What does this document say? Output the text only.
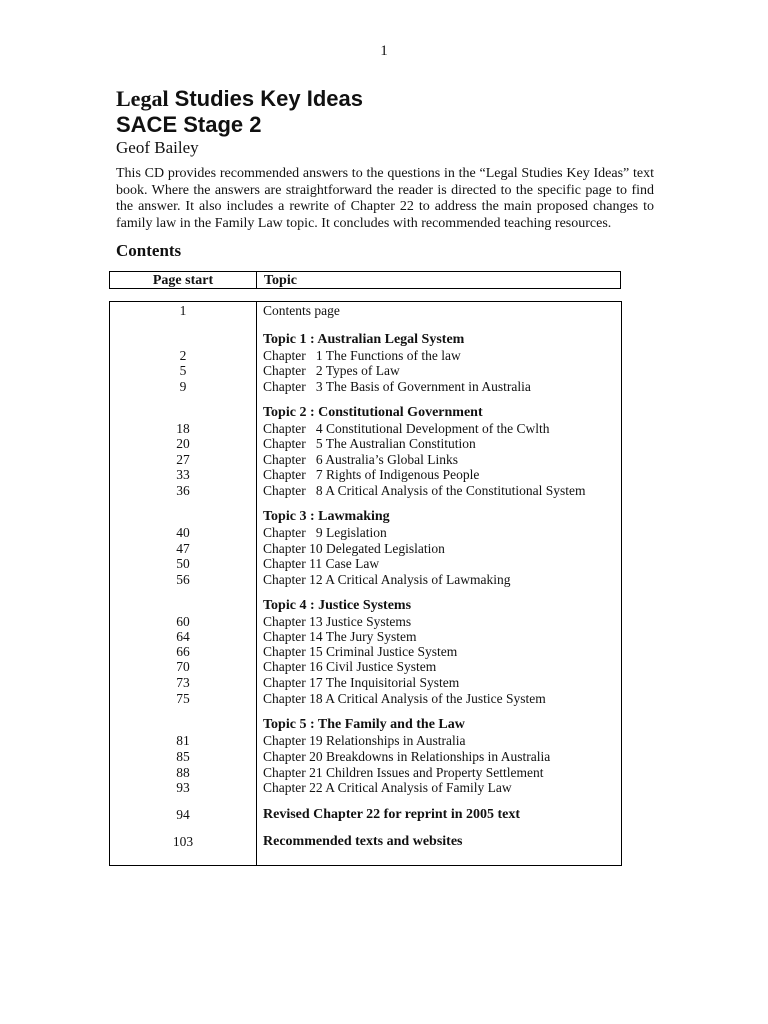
1
Legal Studies Key Ideas
SACE Stage 2
Geof Bailey

This CD provides recommended answers to the questions in the “Legal Studies Key Ideas” text book. Where the answers are straightforward the reader is directed to the specific page to find the answer. It also includes a rewrite of Chapter 22 to address the main proposed changes to family law in the Family Law topic. It concludes with recommended teaching resources.

Contents
Page start	Topic
1	Contents page
Topic 1 : Australian Legal System
2	Chapter   1 The Functions of the law
5	Chapter   2 Types of Law
9	Chapter   3 The Basis of Government in Australia
Topic 2 : Constitutional Government
18	Chapter   4 Constitutional Development of the Cwlth
20	Chapter   5 The Australian Constitution
27	Chapter   6 Australia’s Global Links
33	Chapter   7 Rights of Indigenous People
36	Chapter   8 A Critical Analysis of the Constitutional System
Topic 3 : Lawmaking
40	Chapter   9 Legislation
47	Chapter 10 Delegated Legislation
50	Chapter 11 Case Law
56	Chapter 12 A Critical Analysis of Lawmaking
Topic 4 : Justice Systems
60	Chapter 13 Justice Systems
64	Chapter 14 The Jury System
66	Chapter 15 Criminal Justice System
70	Chapter 16 Civil Justice System
73	Chapter 17 The Inquisitorial System
75	Chapter 18 A Critical Analysis of the Justice System
Topic 5 : The Family and the Law
81	Chapter 19 Relationships in Australia
85	Chapter 20 Breakdowns in Relationships in Australia
88	Chapter 21 Children Issues and Property Settlement
93	Chapter 22 A Critical Analysis of Family Law
94	Revised Chapter 22 for reprint in 2005 text
103	Recommended texts and websites
